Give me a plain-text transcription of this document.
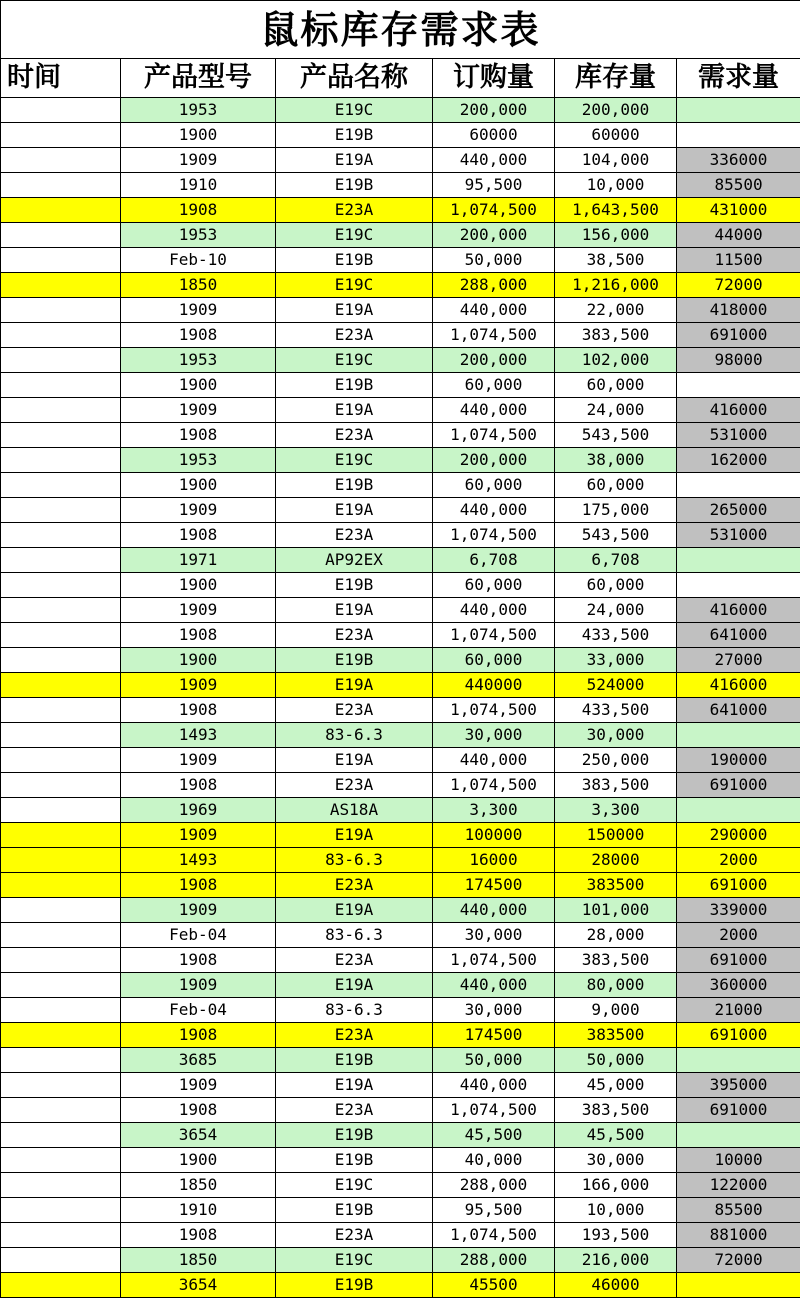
鼠标库存需求表					
时间	产品型号	产品名称	订购量	库存量	需求量
	1953	E19C	200,000	200,000	
	1900	E19B	60000	60000	
	1909	E19A	440,000	104,000	336000
	1910	E19B	95,500	10,000	85500
	1908	E23A	1,074,500	1,643,500	431000
	1953	E19C	200,000	156,000	44000
	Feb-10	E19B	50,000	38,500	11500
	1850	E19C	288,000	1,216,000	72000
	1909	E19A	440,000	22,000	418000
	1908	E23A	1,074,500	383,500	691000
	1953	E19C	200,000	102,000	98000
	1900	E19B	60,000	60,000	
	1909	E19A	440,000	24,000	416000
	1908	E23A	1,074,500	543,500	531000
	1953	E19C	200,000	38,000	162000
	1900	E19B	60,000	60,000	
	1909	E19A	440,000	175,000	265000
	1908	E23A	1,074,500	543,500	531000
	1971	AP92EX	6,708	6,708	
	1900	E19B	60,000	60,000	
	1909	E19A	440,000	24,000	416000
	1908	E23A	1,074,500	433,500	641000
	1900	E19B	60,000	33,000	27000
	1909	E19A	440000	524000	416000
	1908	E23A	1,074,500	433,500	641000
	1493	83-6.3	30,000	30,000	
	1909	E19A	440,000	250,000	190000
	1908	E23A	1,074,500	383,500	691000
	1969	AS18A	3,300	3,300	
	1909	E19A	100000	150000	290000
	1493	83-6.3	16000	28000	2000
	1908	E23A	174500	383500	691000
	1909	E19A	440,000	101,000	339000
	Feb-04	83-6.3	30,000	28,000	2000
	1908	E23A	1,074,500	383,500	691000
	1909	E19A	440,000	80,000	360000
	Feb-04	83-6.3	30,000	9,000	21000
	1908	E23A	174500	383500	691000
	3685	E19B	50,000	50,000	
	1909	E19A	440,000	45,000	395000
	1908	E23A	1,074,500	383,500	691000
	3654	E19B	45,500	45,500	
	1900	E19B	40,000	30,000	10000
	1850	E19C	288,000	166,000	122000
	1910	E19B	95,500	10,000	85500
	1908	E23A	1,074,500	193,500	881000
	1850	E19C	288,000	216,000	72000
	3654	E19B	45500	46000	
